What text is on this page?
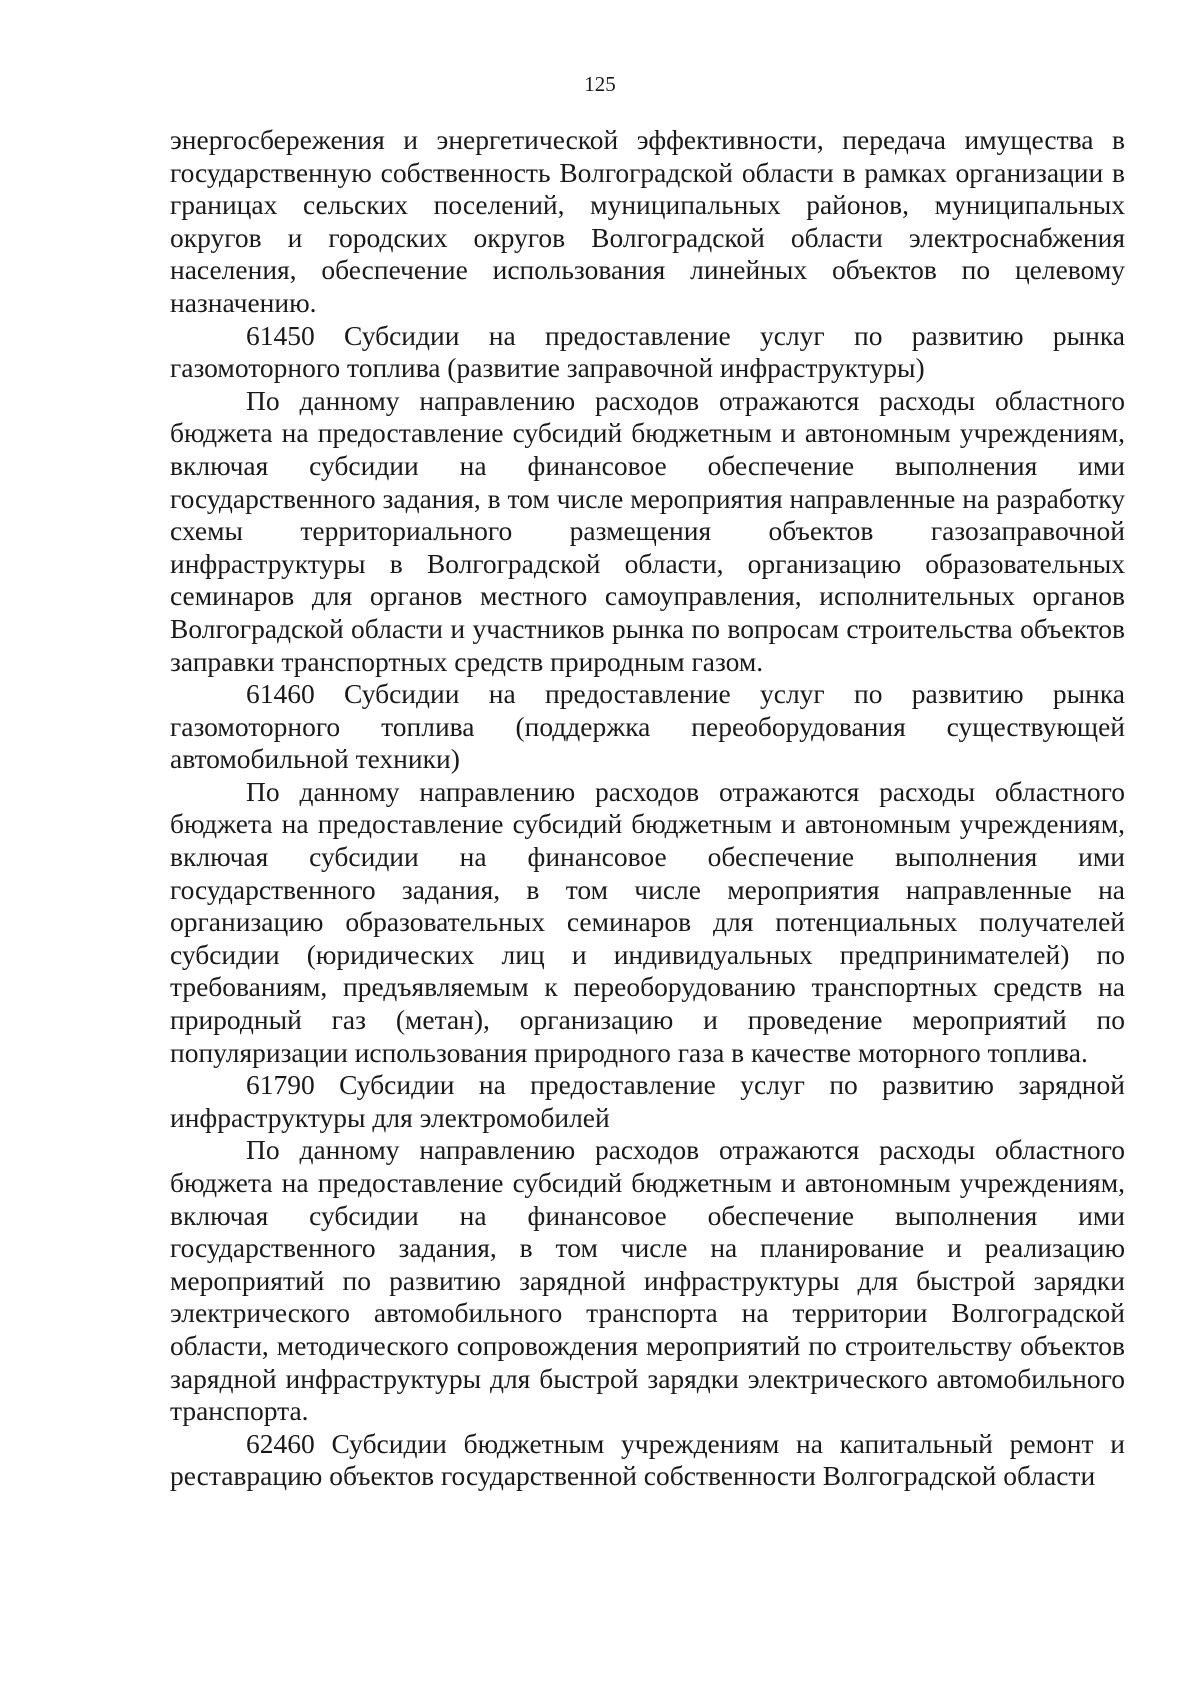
125

энергосбережения и энергетической эффективности, передача имущества в государственную собственность Волгоградской области в рамках организации в границах сельских поселений, муниципальных районов, муниципальных округов и городских округов Волгоградской области электроснабжения населения, обеспечение использования линейных объектов по целевому назначению.

61450 Субсидии на предоставление услуг по развитию рынка газомоторного топлива (развитие заправочной инфраструктуры)

По данному направлению расходов отражаются расходы областного бюджета на предоставление субсидий бюджетным и автономным учреждениям, включая субсидии на финансовое обеспечение выполнения ими государственного задания, в том числе мероприятия направленные на разработку схемы территориального размещения объектов газозаправочной инфраструктуры в Волгоградской области, организацию образовательных семинаров для органов местного самоуправления, исполнительных органов Волгоградской области и участников рынка по вопросам строительства объектов заправки транспортных средств природным газом.

61460 Субсидии на предоставление услуг по развитию рынка газомоторного топлива (поддержка переоборудования существующей автомобильной техники)

По данному направлению расходов отражаются расходы областного бюджета на предоставление субсидий бюджетным и автономным учреждениям, включая субсидии на финансовое обеспечение выполнения ими государственного задания, в том числе мероприятия направленные на организацию образовательных семинаров для потенциальных получателей субсидии (юридических лиц и индивидуальных предпринимателей) по требованиям, предъявляемым к переоборудованию транспортных средств на природный газ (метан), организацию и проведение мероприятий по популяризации использования природного газа в качестве моторного топлива.

61790 Субсидии на предоставление услуг по развитию зарядной инфраструктуры для электромобилей

По данному направлению расходов отражаются расходы областного бюджета на предоставление субсидий бюджетным и автономным учреждениям, включая субсидии на финансовое обеспечение выполнения ими государственного задания, в том числе на планирование и реализацию мероприятий по развитию зарядной инфраструктуры для быстрой зарядки электрического автомобильного транспорта на территории Волгоградской области, методического сопровождения мероприятий по строительству объектов зарядной инфраструктуры для быстрой зарядки электрического автомобильного транспорта.

62460 Субсидии бюджетным учреждениям на капитальный ремонт и реставрацию объектов государственной собственности Волгоградской области
